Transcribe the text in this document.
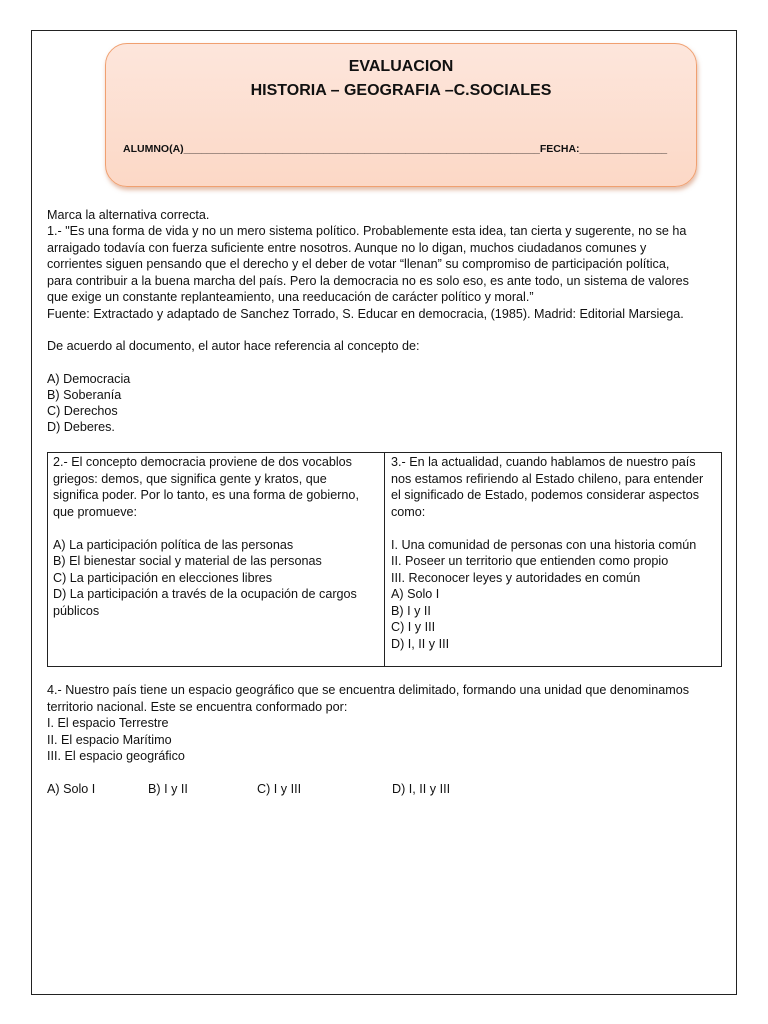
EVALUACION
HISTORIA – GEOGRAFIA –C.SOCIALES
ALUMNO(A)_____________________________________________________________FECHA:_______________
Marca la alternativa correcta.
1.- "Es una forma de vida y no un mero sistema político. Probablemente esta idea, tan cierta y sugerente, no se ha
arraigado todavía con fuerza suficiente entre nosotros. Aunque no lo digan, muchos ciudadanos comunes y
corrientes siguen pensando que el derecho y el deber de votar “llenan” su compromiso de participación política,
para contribuir a la buena marcha del país. Pero la democracia no es solo eso, es ante todo, un sistema de valores
que exige un constante replanteamiento, una reeducación de carácter político y moral.”
Fuente: Extractado y adaptado de Sanchez Torrado, S. Educar en democracia, (1985). Madrid: Editorial Marsiega.
De acuerdo al documento, el autor hace referencia al concepto de:
A) Democracia
B) Soberanía
C) Derechos
D) Deberes.
2.- El concepto democracia proviene de dos vocablos
griegos: demos, que significa gente y kratos, que
significa poder. Por lo tanto, es una forma de gobierno,
que promueve:
A) La participación política de las personas
B) El bienestar social y material de las personas
C) La participación en elecciones libres
D) La participación a través de la ocupación de cargos
públicos
3.- En la actualidad, cuando hablamos de nuestro país
nos estamos refiriendo al Estado chileno, para entender
el significado de Estado, podemos considerar aspectos
como:
I. Una comunidad de personas con una historia común
II. Poseer un territorio que entienden como propio
III. Reconocer leyes y autoridades en común
A) Solo I
B) I y II
C) I y III
D) I, II y III
4.- Nuestro país tiene un espacio geográfico que se encuentra delimitado, formando una unidad que denominamos
territorio nacional. Este se encuentra conformado por:
I. El espacio Terrestre
II. El espacio Marítimo
III. El espacio geográfico
A) Solo I	B) I y II	C) I y III	D) I, II y III
